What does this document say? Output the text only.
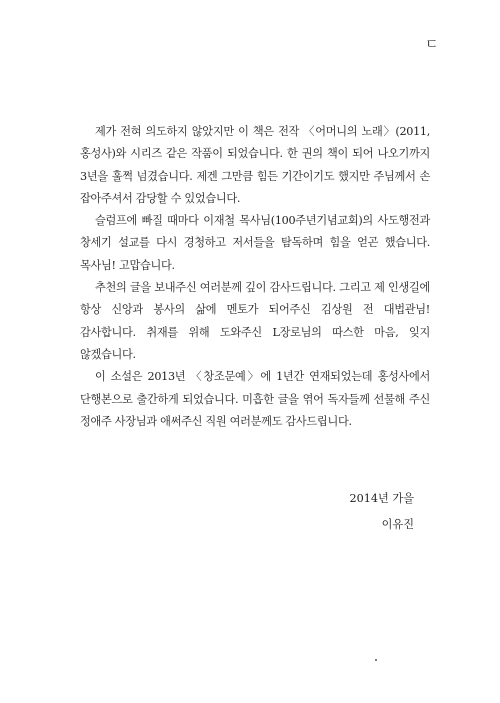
ㄷ

제가 전혀 의도하지 않았지만 이 책은 전작 〈어머니의 노래〉(2011, 홍성사)와 시리즈 같은 작품이 되었습니다. 한 권의 책이 되어 나오기까지 3년을 훌쩍 넘겼습니다. 제겐 그만큼 힘든 기간이기도 했지만 주님께서 손 잡아주셔서 감당할 수 있었습니다.

슬럼프에 빠질 때마다 이재철 목사님(100주년기념교회)의 사도행전과 창세기 설교를 다시 경청하고 저서들을 탐독하며 힘을 얻곤 했습니다. 목사님! 고맙습니다.

추천의 글을 보내주신 여러분께 깊이 감사드립니다. 그리고 제 인생길에 항상 신앙과 봉사의 삶에 멘토가 되어주신 김상원 전 대법관님! 감사합니다. 취재를 위해 도와주신 L장로님의 따스한 마음, 잊지 않겠습니다.

이 소설은 2013년 〈창조문예〉에 1년간 연재되었는데 홍성사에서 단행본으로 출간하게 되었습니다. 미흡한 글을 엮어 독자들께 선물해 주신 정애주 사장님과 애써주신 직원 여러분께도 감사드립니다.

2014년 가을
이유진
